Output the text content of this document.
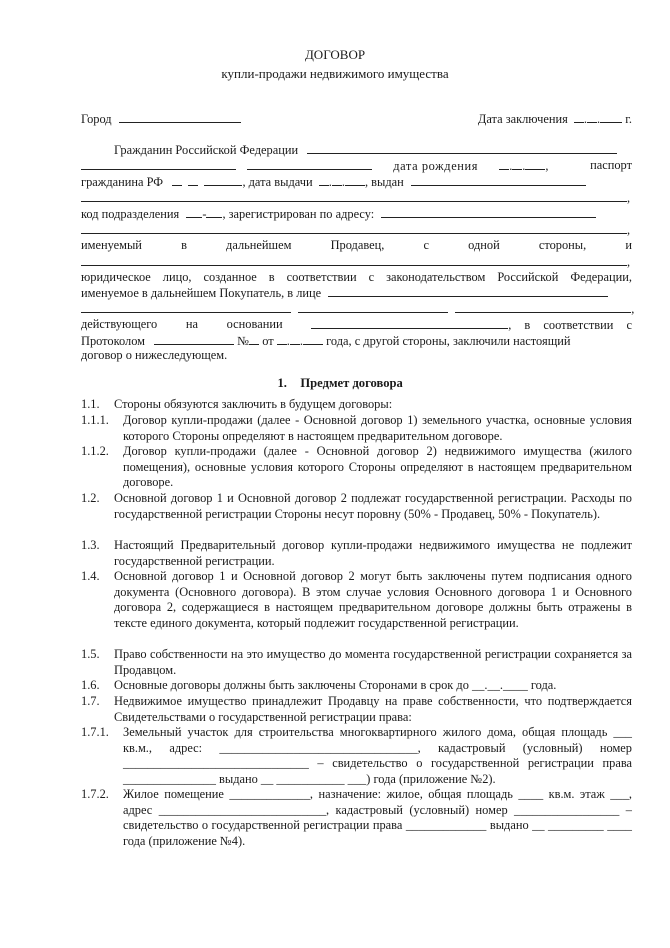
ДОГОВОР
купли-продажи недвижимого имущества
Город	Дата заключения . . г.
Гражданин Российской Федерации
дата рождения	. . ,	паспорт
гражданина РФ	, дата выдачи . . , выдан
,
код подразделения - , зарегистрирован по адресу:
,
именуемый	в	дальнейшем	Продавец,	с	одной	стороны,	и
,
юридическое лицо, созданное в соответствии с законодательством Российской Федерации,
именуемое в дальнейшем Покупатель, в лице
,
действующего на основании	, в соответствии с
Протоколом	№ от . . года, с другой стороны, заключили настоящий
договор о нижеследующем.
1. Предмет договора
1.1. Стороны обязуются заключить в будущем договоры:
1.1.1. Договор купли-продажи (далее - Основной договор 1) земельного участка, основные условия которого Стороны определяют в настоящем предварительном договоре.
1.1.2. Договор купли-продажи (далее - Основной договор 2) недвижимого имущества (жилого помещения), основные условия которого Стороны определяют в настоящем предварительном договоре.
1.2. Основной договор 1 и Основной договор 2 подлежат государственной регистрации. Расходы по государственной регистрации Стороны несут поровну (50% - Продавец, 50% - Покупатель).
1.3. Настоящий Предварительный договор купли-продажи недвижимого имущества не подлежит государственной регистрации.
1.4. Основной договор 1 и Основной договор 2 могут быть заключены путем подписания одного документа (Основного договора). В этом случае условия Основного договора 1 и Основного договора 2, содержащиеся в настоящем предварительном договоре должны быть отражены в тексте единого документа, который подлежит государственной регистрации.
1.5. Право собственности на это имущество до момента государственной регистрации сохраняется за Продавцом.
1.6. Основные договоры должны быть заключены Сторонами в срок до __.__.____ года.
1.7. Недвижимое имущество принадлежит Продавцу на праве собственности, что подтверждается Свидетельствами о государственной регистрации права:
1.7.1. Земельный участок для строительства многоквартирного жилого дома, общая площадь ___ кв.м., адрес: ________________________________, кадастровый (условный) номер ______________________________ – свидетельство о государственной регистрации права _______________ выдано __ ___________ ___) года (приложение №2).
1.7.2. Жилое помещение _____________, назначение: жилое, общая площадь ____ кв.м. этаж ___, адрес ___________________________, кадастровый (условный) номер _________________ – свидетельство о государственной регистрации права _____________ выдано __ _________ ____ года (приложение №4).
